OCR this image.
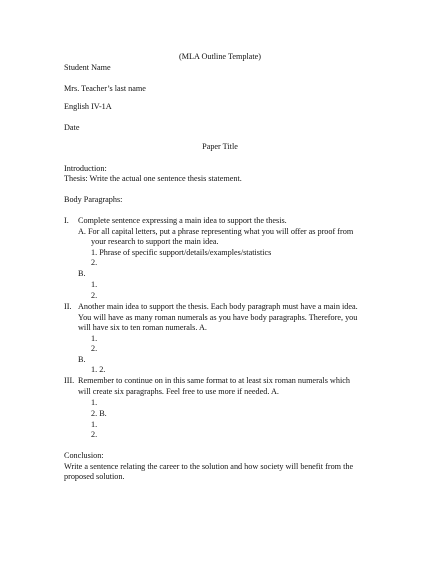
(MLA Outline Template)
Student Name
Mrs. Teacher’s last name
English IV-1A
Date
Paper Title
Introduction:
Thesis: Write the actual one sentence thesis statement.
Body Paragraphs:
I. Complete sentence expressing a main idea to support the thesis.
A. For all capital letters, put a phrase representing what you will offer as proof from
your research to support the main idea.
1. Phrase of specific support/details/examples/statistics
2.
B.
1.
2.
II. Another main idea to support the thesis. Each body paragraph must have a main idea.
You will have as many roman numerals as you have body paragraphs. Therefore, you
will have six to ten roman numerals. A.
1.
2.
B.
1. 2.
III. Remember to continue on in this same format to at least six roman numerals which
will create six paragraphs. Feel free to use more if needed. A.
1.
2. B.
1.
2.
Conclusion:
Write a sentence relating the career to the solution and how society will benefit from the
proposed solution.
